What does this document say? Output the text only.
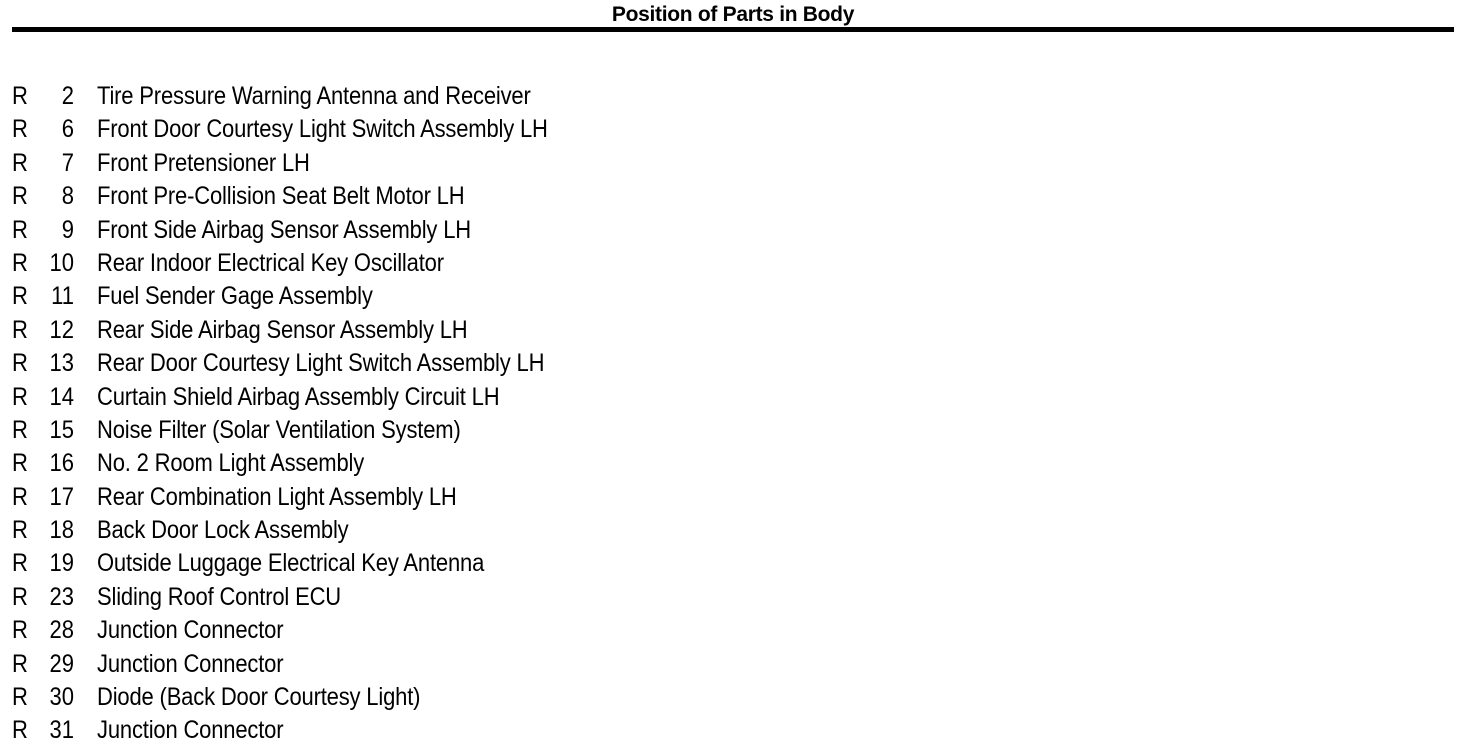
Position of Parts in Body
R	2 Tire Pressure Warning Antenna and Receiver
R	6 Front Door Courtesy Light Switch Assembly LH
R	7 Front Pretensioner LH
R	8 Front Pre-Collision Seat Belt Motor LH
R	9 Front Side Airbag Sensor Assembly LH
R 10 Rear Indoor Electrical Key Oscillator
R 11 Fuel Sender Gage Assembly
R 12 Rear Side Airbag Sensor Assembly LH
R 13 Rear Door Courtesy Light Switch Assembly LH
R 14 Curtain Shield Airbag Assembly Circuit LH
R 15 Noise Filter (Solar Ventilation System)
R 16 No. 2 Room Light Assembly
R 17 Rear Combination Light Assembly LH
R 18 Back Door Lock Assembly
R 19 Outside Luggage Electrical Key Antenna
R 23 Sliding Roof Control ECU
R 28 Junction Connector
R 29 Junction Connector
R 30 Diode (Back Door Courtesy Light)
R 31 Junction Connector
